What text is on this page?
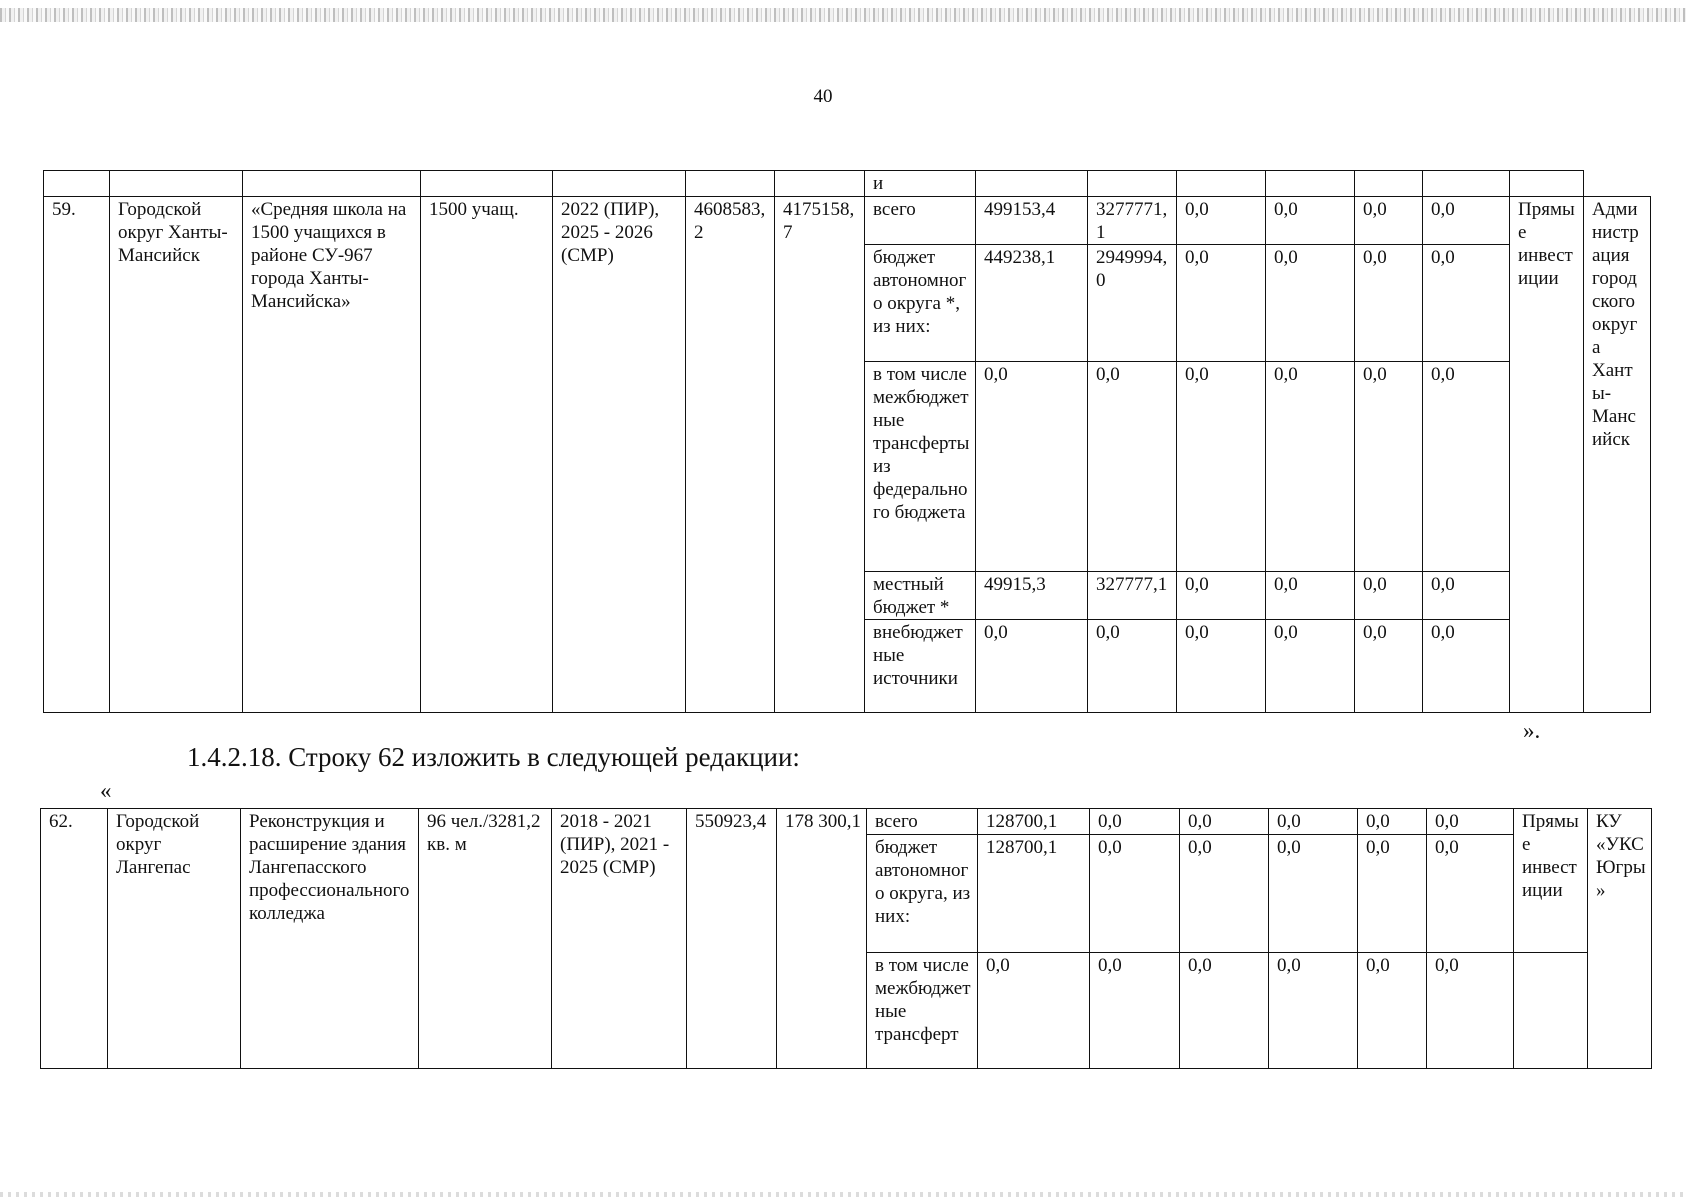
40
							и								
59.	Городской округ Ханты-Мансийск	«Средняя школа на 1500 учащихся в районе СУ-967 города Ханты-Мансийска»	1500 учащ.	2022 (ПИР), 2025 - 2026 (СМР)	4608583,2	4175158,7	всего	499153,4	3277771,1	0,0	0,0	0,0	0,0	Прямые инвестиции	Администрация городского округа Ханты-Мансийск
							бюджет автономного округа *, из них:	449238,1	2949994,0	0,0	0,0	0,0	0,0		
							в том числе межбюджетные трансферты из федерального бюджета	0,0	0,0	0,0	0,0	0,0	0,0		
							местный бюджет *	49915,3	327777,1	0,0	0,0	0,0	0,0		
							внебюджетные источники	0,0	0,0	0,0	0,0	0,0	0,0		
».
1.4.2.18. Строку 62 изложить в следующей редакции:
«
62.	Городской округ Лангепас	Реконструкция и расширение здания Лангепасского профессионального колледжа	96 чел./3281,2 кв. м	2018 - 2021 (ПИР), 2021 - 2025 (СМР)	550923,4	178 300,1	всего	128700,1	0,0	0,0	0,0	0,0	0,0	Прямые инвестиции	КУ «УКС Югры»
							бюджет автономного округа, из них:	128700,1	0,0	0,0	0,0	0,0	0,0		
							в том числе межбюджетные трансферт	0,0	0,0	0,0	0,0	0,0	0,0		
